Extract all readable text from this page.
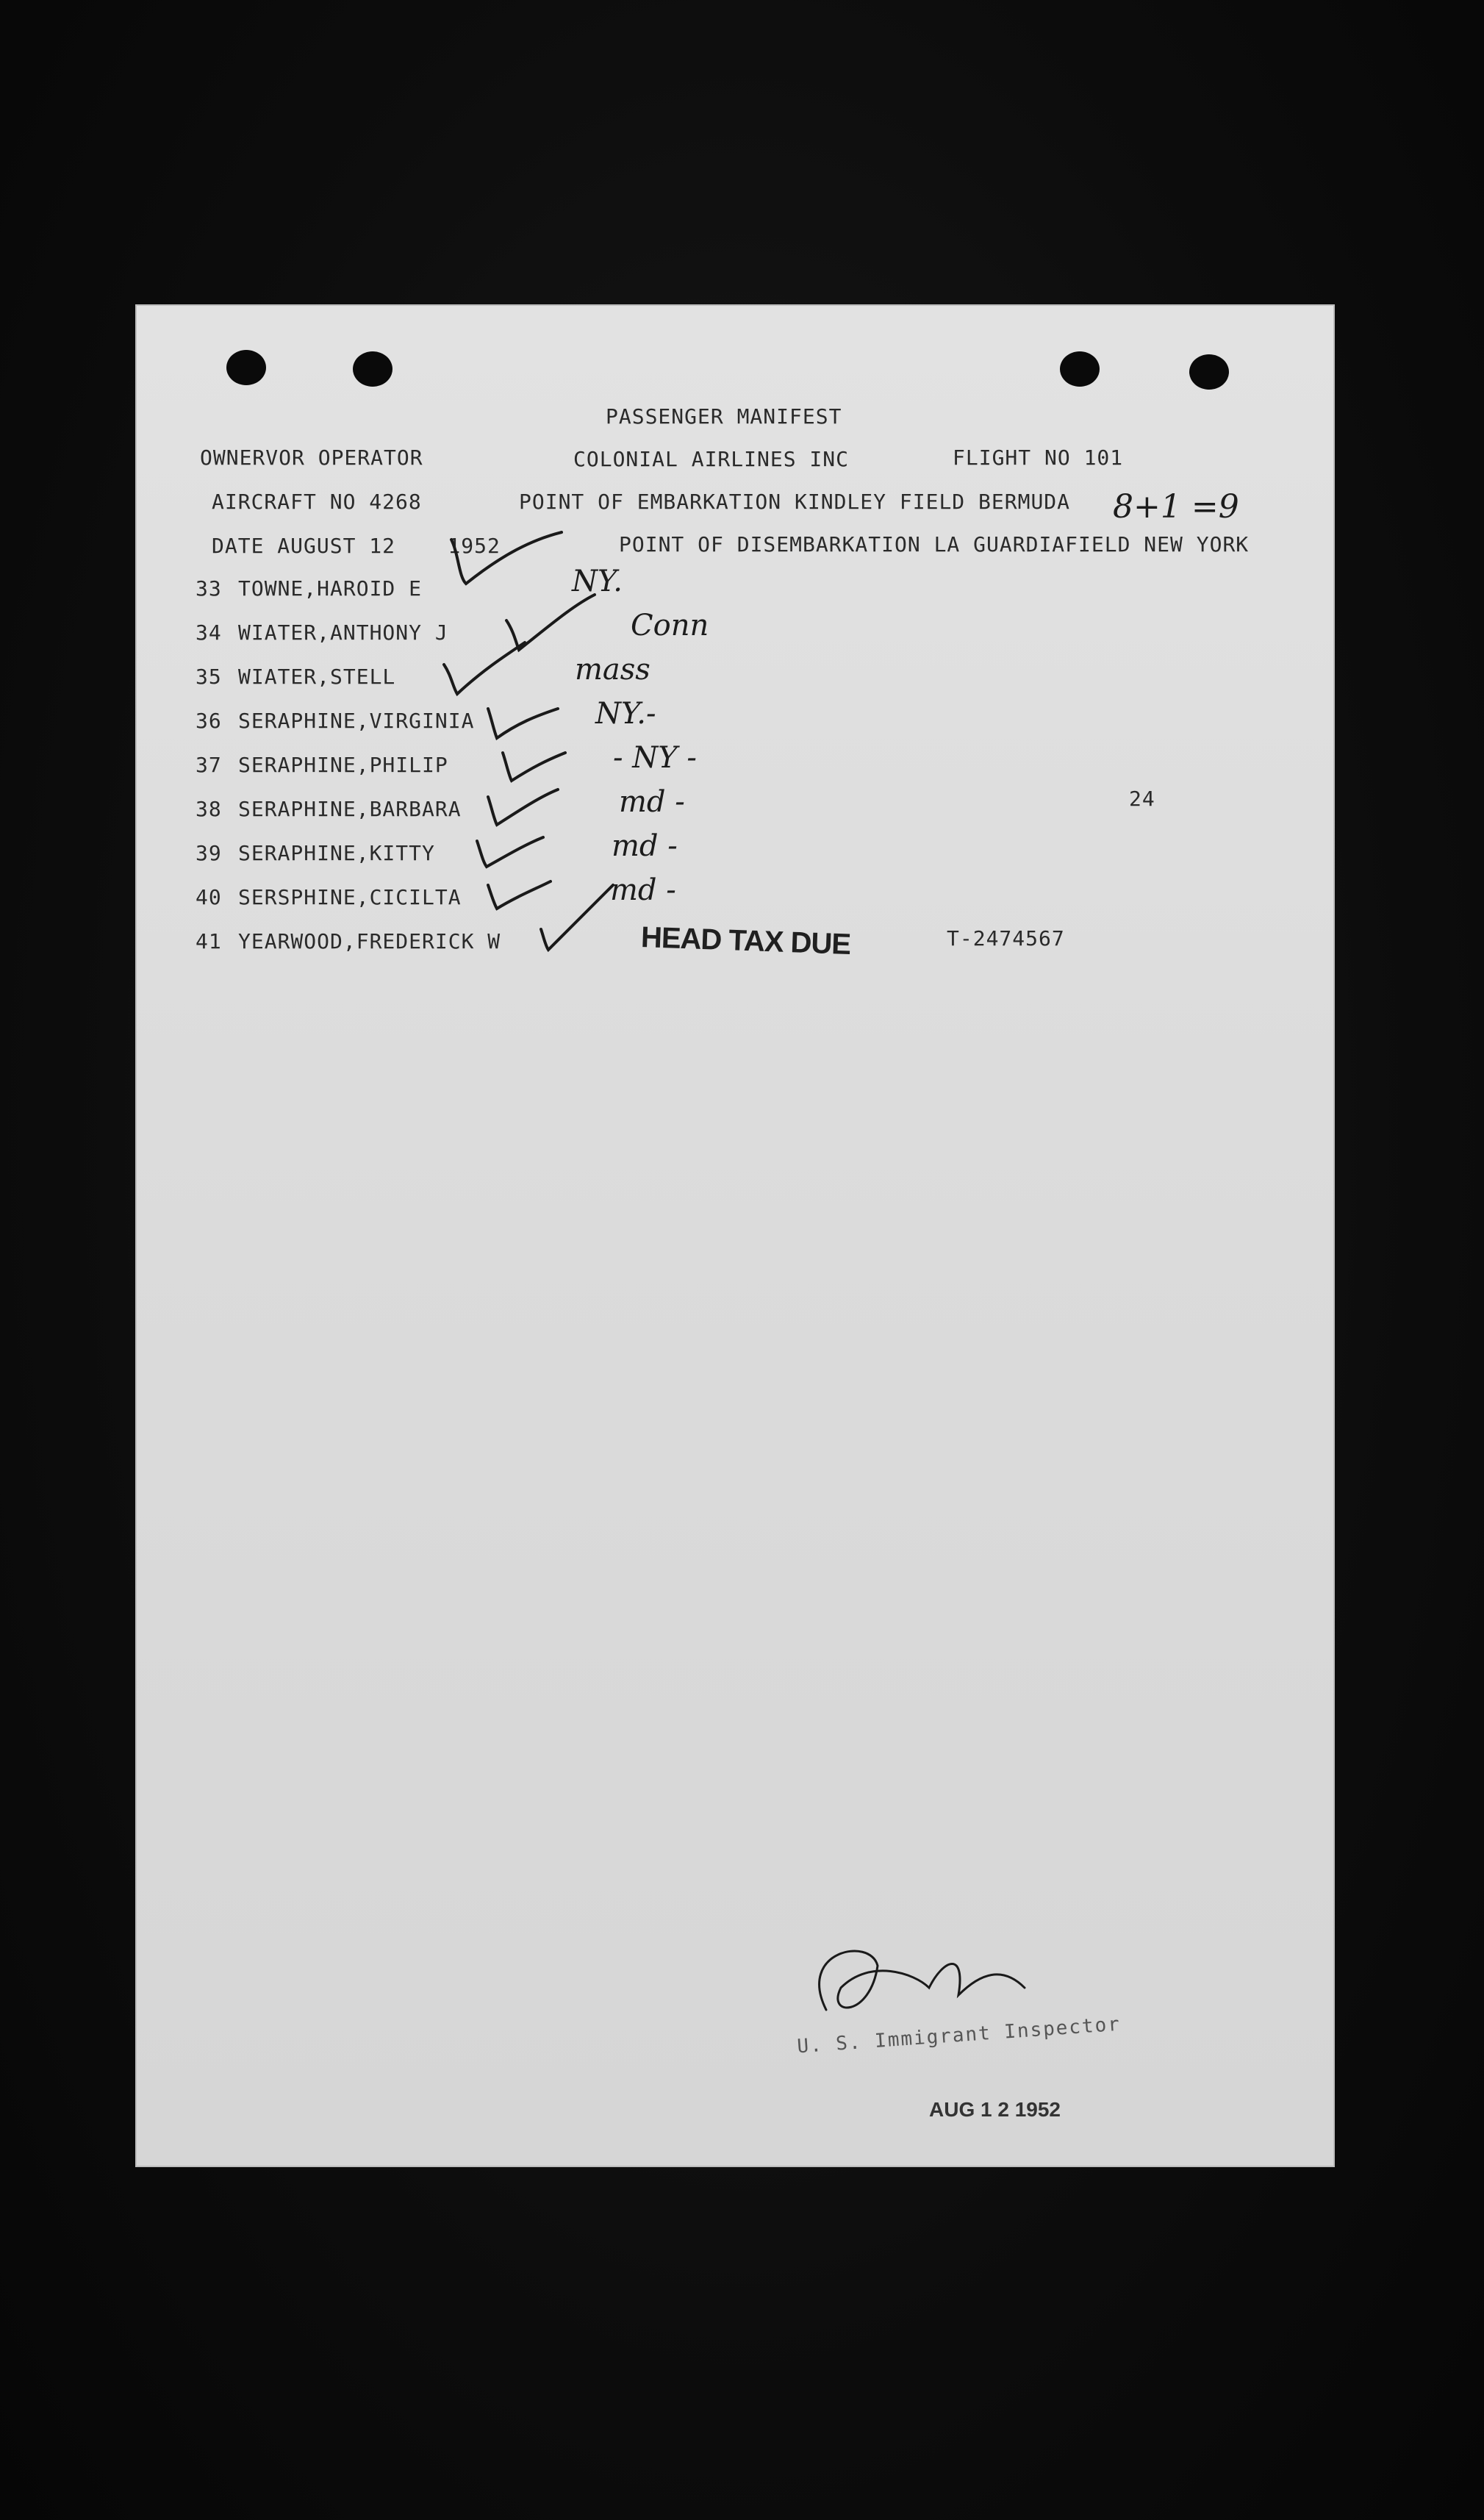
PASSENGER MANIFEST
OWNERVOR OPERATOR	COLONIAL AIRLINES INC	FLIGHT NO 101
AIRCRAFT NO 4268	POINT OF EMBARKATION KINDLEY FIELD BERMUDA 8+1 =9
DATE AUGUST 12    1952	POINT OF DISEMBARKATION LA GUARDIAFIELD NEW YORK
33 TOWNE,HAROID E	NY.
34 WIATER,ANTHONY J	Conn
35 WIATER,STELL	mass
36 SERAPHINE,VIRGINIA	NY.-
37 SERAPHINE,PHILIP	- NY -
38 SERAPHINE,BARBARA	md -
39 SERAPHINE,KITTY	md -
40 SERSPHINE,CICILTA	md -
41 YEARWOOD,FREDERICK W
24
HEAD TAX DUE	T-2474567
U. S. Immigrant Inspector
AUG 1 2 1952
